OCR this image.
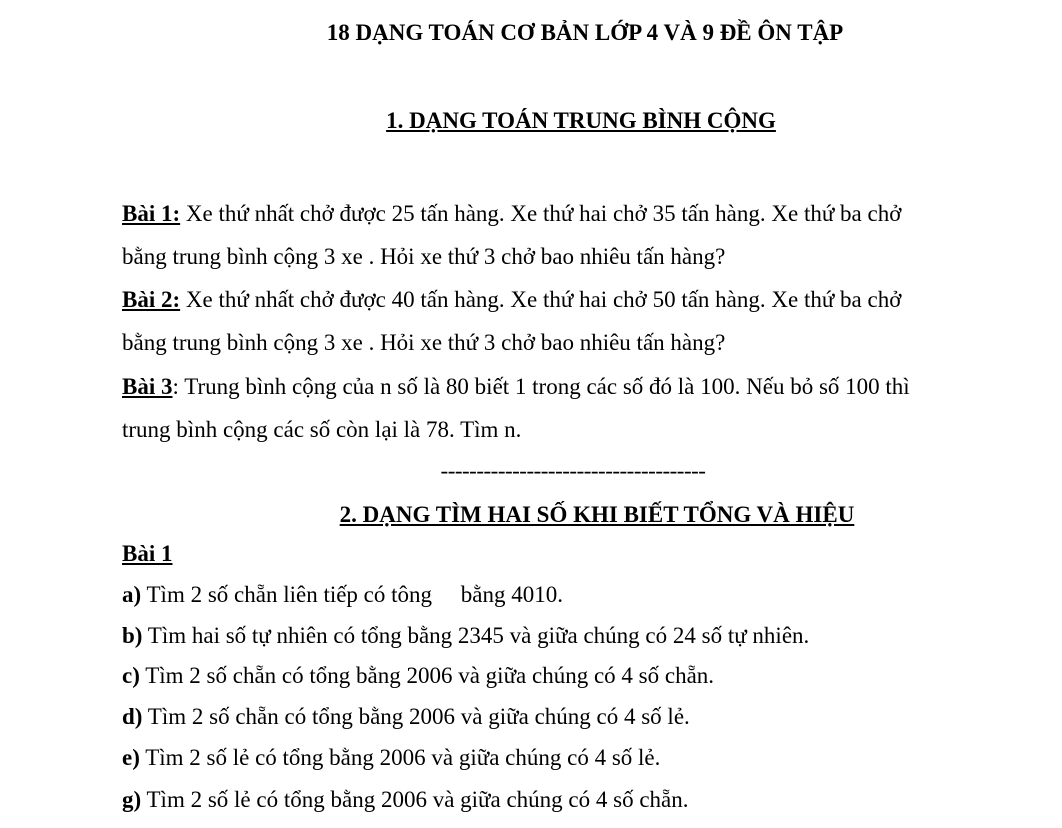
18 DẠNG TOÁN CƠ BẢN LỚP 4 VÀ 9 ĐỀ ÔN TẬP
1. DẠNG TOÁN TRUNG BÌNH CỘNG
Bài 1: Xe thứ nhất chở được 25 tấn hàng. Xe thứ hai chở 35 tấn hàng. Xe thứ ba chở
bằng trung bình cộng 3 xe . Hỏi xe thứ 3 chở bao nhiêu tấn hàng?
Bài 2: Xe thứ nhất chở được 40 tấn hàng. Xe thứ hai chở 50 tấn hàng. Xe thứ ba chở
bằng trung bình cộng 3 xe . Hỏi xe thứ 3 chở bao nhiêu tấn hàng?
Bài 3: Trung bình cộng của n số là 80 biết 1 trong các số đó là 100. Nếu bỏ số 100 thì
trung bình cộng các số còn lại là 78. Tìm n.
-------------------------------------
2. DẠNG TÌM HAI SỐ KHI BIẾT TỔNG VÀ HIỆU
Bài 1
a) Tìm 2 số chẵn liên tiếp có tông     bằng 4010.
b) Tìm hai số tự nhiên có tổng bằng 2345 và giữa chúng có 24 số tự nhiên.
c) Tìm 2 số chẵn có tổng bằng 2006 và giữa chúng có 4 số chẵn.
d) Tìm 2 số chẵn có tổng bằng 2006 và giữa chúng có 4 số lẻ.
e) Tìm 2 số lẻ có tổng bằng 2006 và giữa chúng có 4 số lẻ.
g) Tìm 2 số lẻ có tổng bằng 2006 và giữa chúng có 4 số chẵn.
